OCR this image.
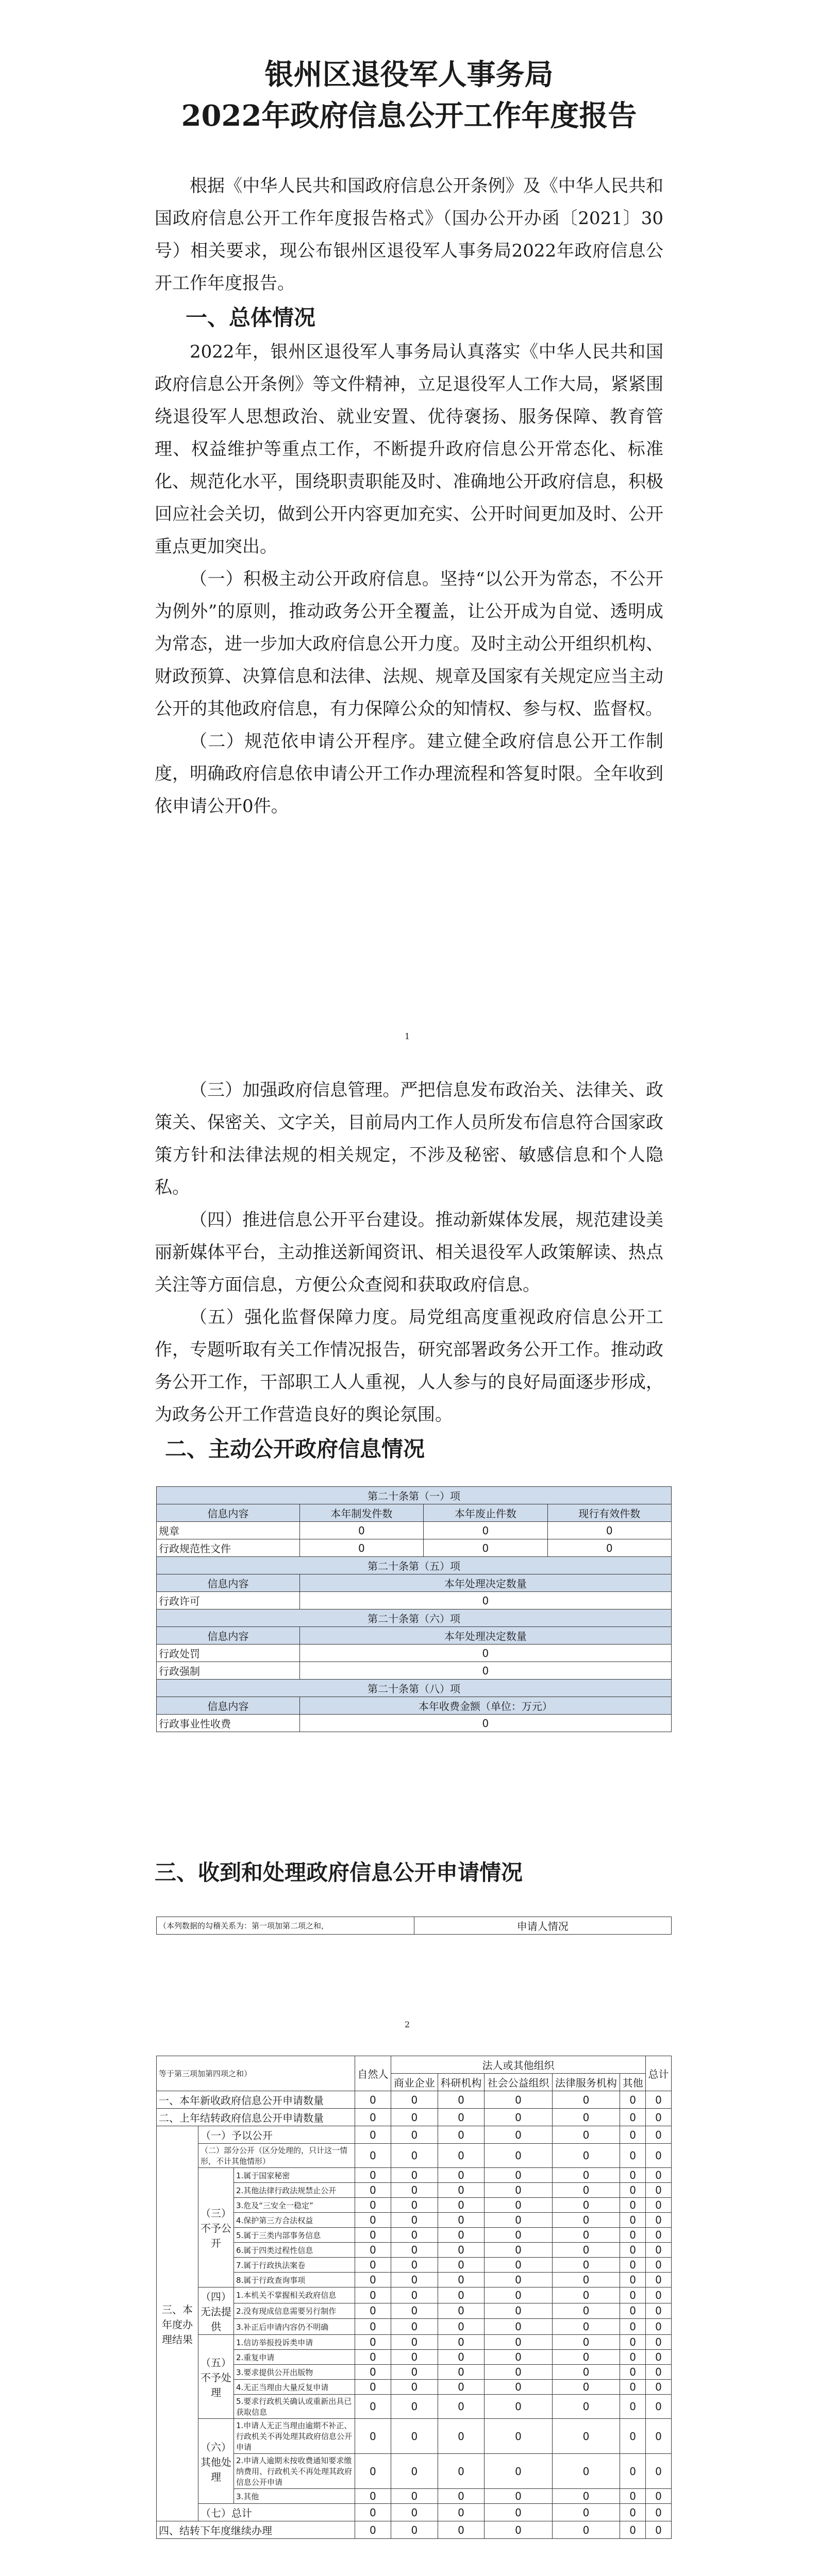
银州区退役军人事务局

2022年政府信息公开工作年度报告

根据《中华人民共和国政府信息公开条例》及《中华人民共和国政府信息公开工作年度报告格式》（国办公开办函〔2021〕30号）相关要求，现公布银州区退役军人事务局2022年政府信息公开工作年度报告。

一、总体情况

2022年，银州区退役军人事务局认真落实《中华人民共和国政府信息公开条例》等文件精神，立足退役军人工作大局，紧紧围绕退役军人思想政治、就业安置、优待褒扬、服务保障、教育管理、权益维护等重点工作，不断提升政府信息公开常态化、标准化、规范化水平，围绕职责职能及时、准确地公开政府信息，积极回应社会关切，做到公开内容更加充实、公开时间更加及时、公开重点更加突出。

（一）积极主动公开政府信息。坚持“以公开为常态，不公开为例外”的原则，推动政务公开全覆盖，让公开成为自觉、透明成为常态，进一步加大政府信息公开力度。及时主动公开组织机构、财政预算、决算信息和法律、法规、规章及国家有关规定应当主动公开的其他政府信息，有力保障公众的知情权、参与权、监督权。

（二）规范依申请公开程序。建立健全政府信息公开工作制度，明确政府信息依申请公开工作办理流程和答复时限。全年收到依申请公开0件。

1

（三）加强政府信息管理。严把信息发布政治关、法律关、政策关、保密关、文字关，目前局内工作人员所发布信息符合国家政策方针和法律法规的相关规定，不涉及秘密、敏感信息和个人隐私。

（四）推进信息公开平台建设。推动新媒体发展，规范建设美丽新媒体平台，主动推送新闻资讯、相关退役军人政策解读、热点关注等方面信息，方便公众查阅和获取政府信息。

（五）强化监督保障力度。局党组高度重视政府信息公开工作，专题听取有关工作情况报告，研究部署政务公开工作。推动政务公开工作，干部职工人人重视，人人参与的良好局面逐步形成，为政务公开工作营造良好的舆论氛围。

二、主动公开政府信息情况

第二十条第（一）项			
信息内容	本年制发件数	本年废止件数	现行有效件数
规章	0	0	0
行政规范性文件	0	0	0
第二十条第（五）项			
信息内容	本年处理决定数量		
行政许可	0		
第二十条第（六）项			
信息内容	本年处理决定数量		
行政处罚	0		
行政强制	0		
第二十条第（八）项			
信息内容	本年收费金额（单位：万元）		
行政事业性收费	0		

三、收到和处理政府信息公开申请情况

（本列数据的勾稽关系为：第一项加第二项之和，	申请人情况
2
等于第三项加第四项之和）			自然人	法人或其他组织					总计
				商业企业	科研机构	社会公益组织	法律服务机构	其他	
一、本年新收政府信息公开申请数量			0	0	0	0	0	0	0
二、上年结转政府信息公开申请数量			0	0	0	0	0	0	0
三、本年度办理结果	（一）予以公开		0	0	0	0	0	0	0
	（二）部分公开（区分处理的，只计这一情形，不计其他情形）		0	0	0	0	0	0	0
	（三）不予公开	1.属于国家秘密	0	0	0	0	0	0	0
		2.其他法律行政法规禁止公开	0	0	0	0	0	0	0
		3.危及“三安全一稳定”	0	0	0	0	0	0	0
		4.保护第三方合法权益	0	0	0	0	0	0	0
		5.属于三类内部事务信息	0	0	0	0	0	0	0
		6.属于四类过程性信息	0	0	0	0	0	0	0
		7.属于行政执法案卷	0	0	0	0	0	0	0
		8.属于行政查询事项	0	0	0	0	0	0	0
	（四）无法提供	1.本机关不掌握相关政府信息	0	0	0	0	0	0	0
		2.没有现成信息需要另行制作	0	0	0	0	0	0	0
		3.补正后申请内容仍不明确	0	0	0	0	0	0	0
	（五）不予处理	1.信访举报投诉类申请	0	0	0	0	0	0	0
		2.重复申请	0	0	0	0	0	0	0
		3.要求提供公开出版物	0	0	0	0	0	0	0
		4.无正当理由大量反复申请	0	0	0	0	0	0	0
		5.要求行政机关确认或重新出具已获取信息	0	0	0	0	0	0	0
	（六）其他处理	1.申请人无正当理由逾期不补正、行政机关不再处理其政府信息公开申请	0	0	0	0	0	0	0
		2.申请人逾期未按收费通知要求缴纳费用、行政机关不再处理其政府信息公开申请	0	0	0	0	0	0	0
		3.其他	0	0	0	0	0	0	0
	（七）总计		0	0	0	0	0	0	0
四、结转下年度继续办理			0	0	0	0	0	0	0
